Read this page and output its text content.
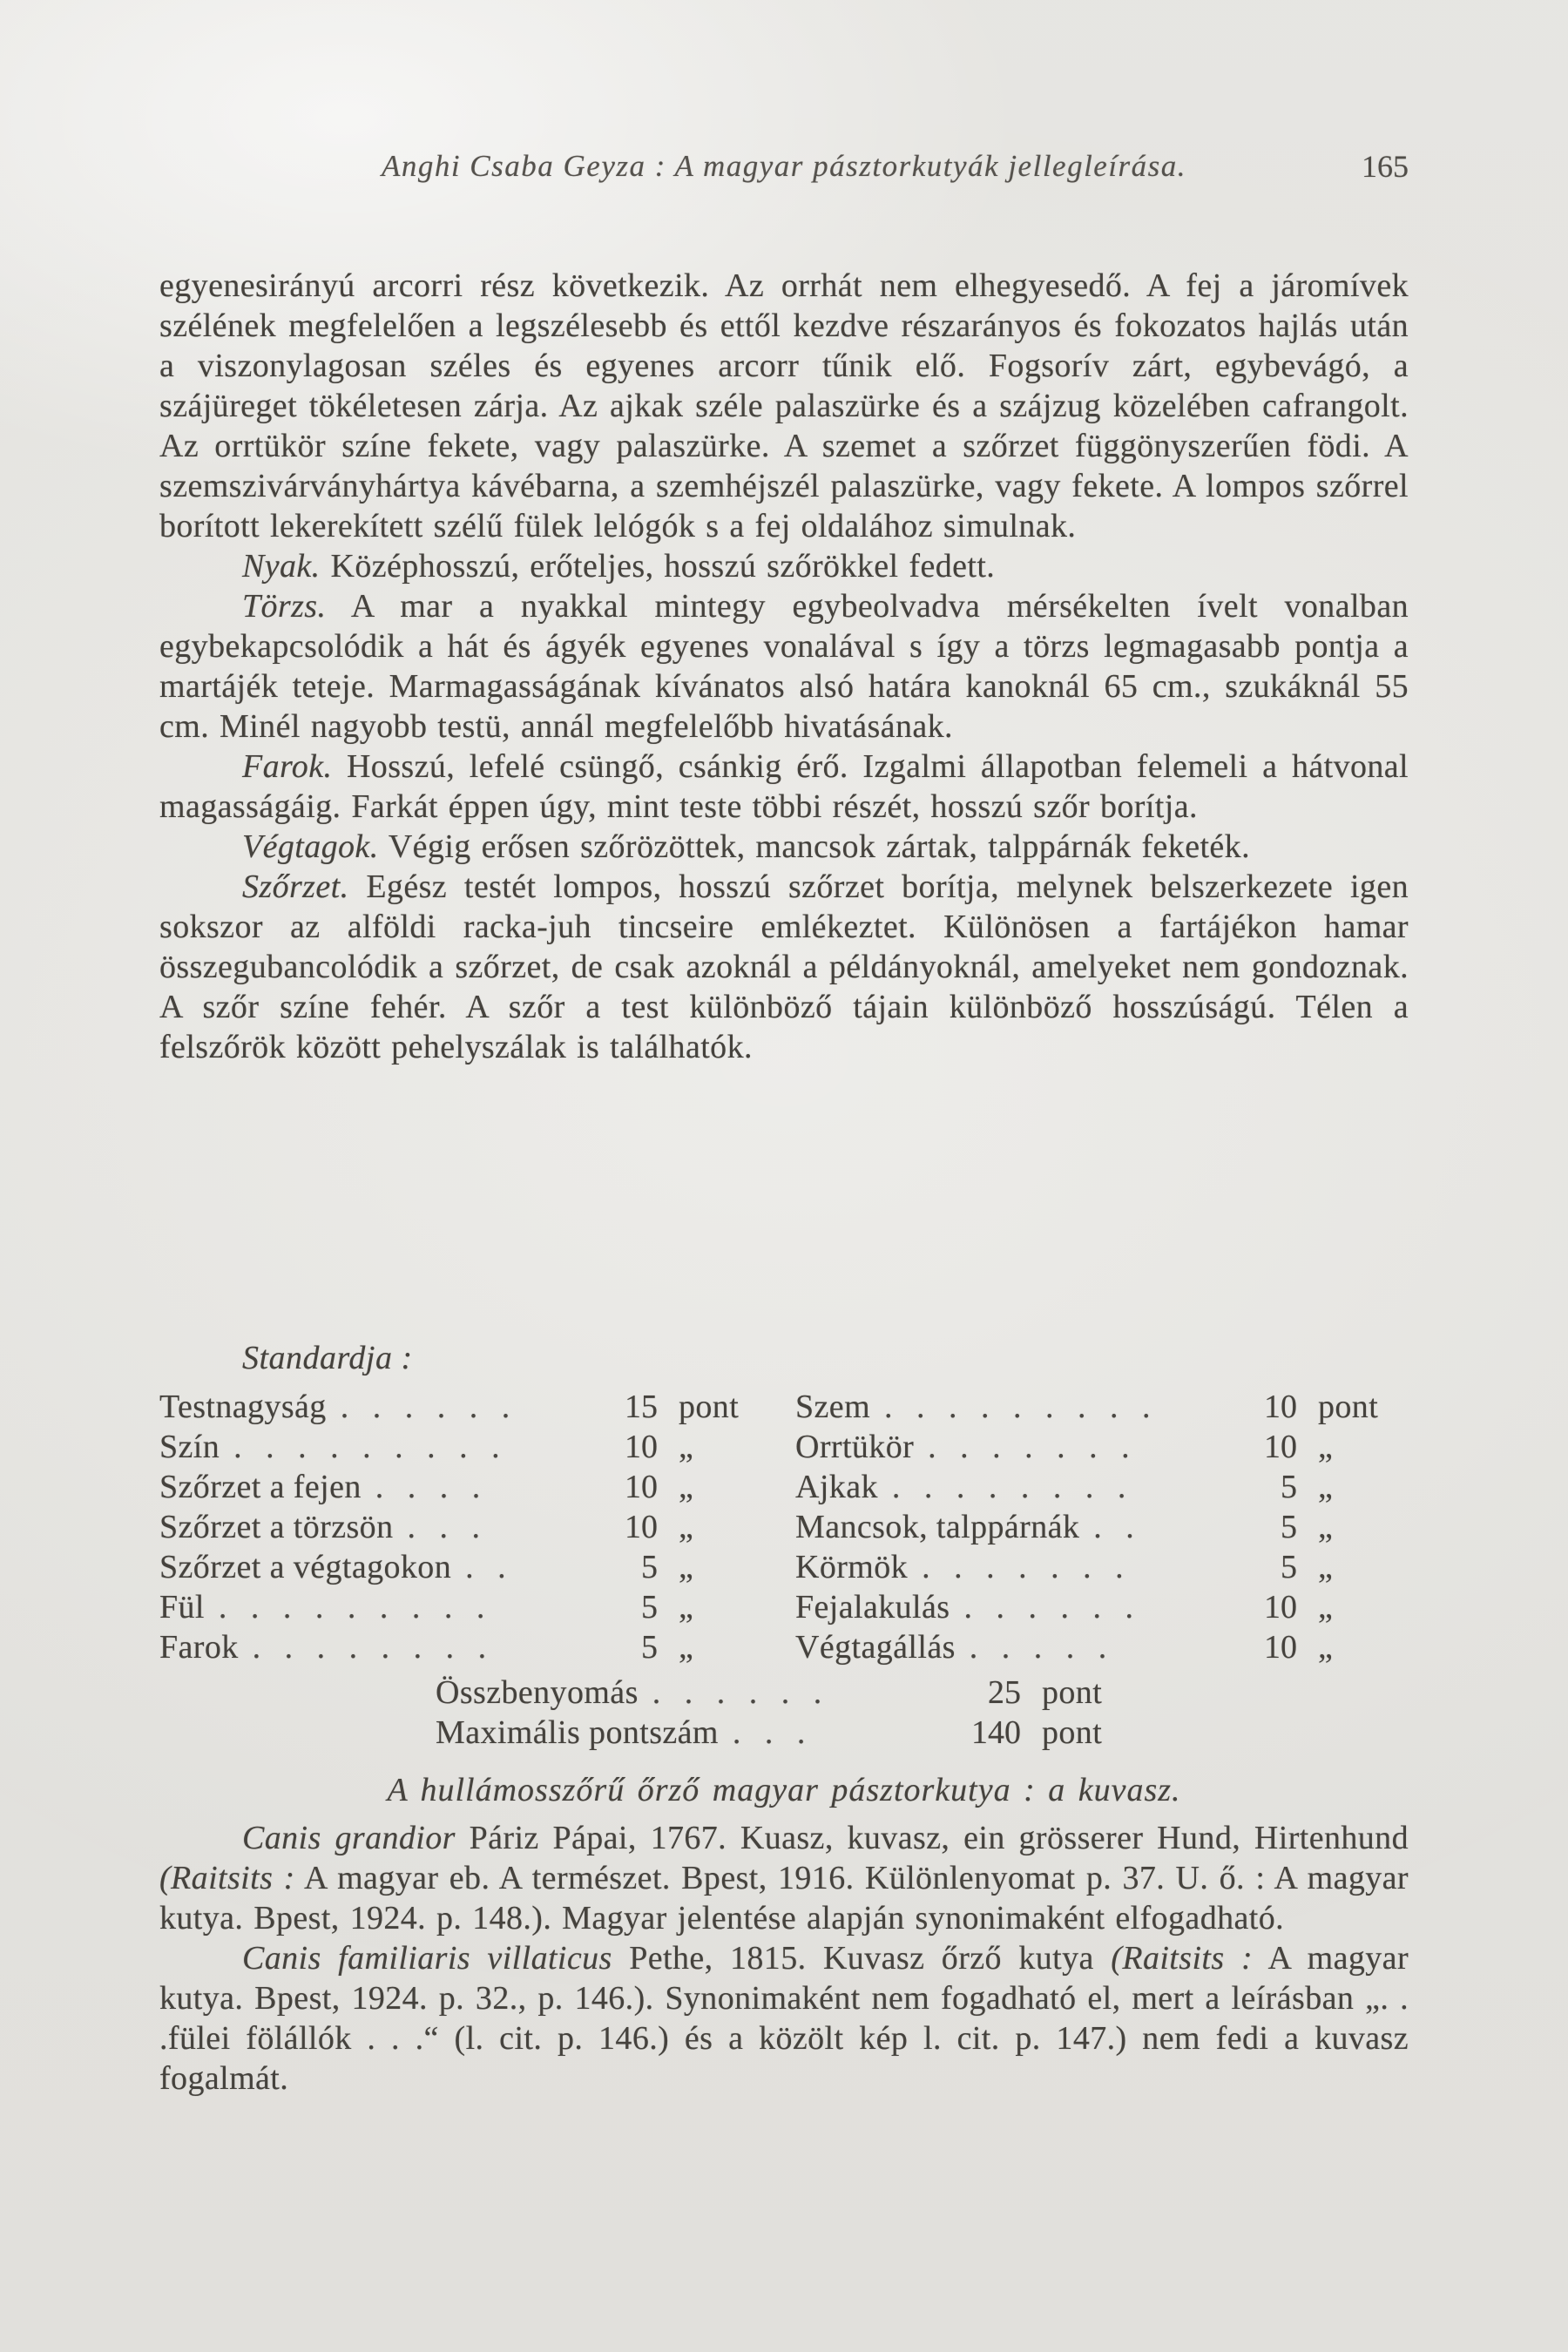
Anghi Csaba Geyza : A magyar pásztorkutyák jellegleírása.	165

egyenesirányú arcorri rész következik. Az orrhát nem elhegyesedő. A fej a járomívek szélének megfelelően a legszélesebb és ettől kezdve részarányos és fokozatos hajlás után a viszonylagosan széles és egyenes arcorr tűnik elő. Fogsorív zárt, egybevágó, a szájüreget tökéletesen zárja. Az ajkak széle palaszürke és a szájzug közelében cafrangolt. Az orrtükör színe fekete, vagy palaszürke. A szemet a szőrzet függönyszerűen födi. A szemszivárványhártya kávébarna, a szemhéjszél palaszürke, vagy fekete. A lompos szőrrel borított lekerekített szélű fülek lelógók s a fej oldalához simulnak.

Nyak. Középhosszú, erőteljes, hosszú szőrökkel fedett.

Törzs. A mar a nyakkal mintegy egybeolvadva mérsékelten ívelt vonalban egybekapcsolódik a hát és ágyék egyenes vonalával s így a törzs legmagasabb pontja a martájék teteje. Marmagasságának kívánatos alsó határa kanoknál 65 cm., szukáknál 55 cm. Minél nagyobb testü, annál megfelelőbb hivatásának.

Farok. Hosszú, lefelé csüngő, csánkig érő. Izgalmi állapotban felemeli a hátvonal magasságáig. Farkát éppen úgy, mint teste többi részét, hosszú szőr borítja.

Végtagok. Végig erősen szőrözöttek, mancsok zártak, talppárnák feketék.

Szőrzet. Egész testét lompos, hosszú szőrzet borítja, melynek belszerkezete igen sokszor az alföldi racka-juh tincseire emlékeztet. Különösen a fartájékon hamar összegubancolódik a szőrzet, de csak azoknál a példányoknál, amelyeket nem gondoznak. A szőr színe fehér. A szőr a test különböző tájain különböző hosszúságú. Télen a felszőrök között pehelyszálak is találhatók.

Standardja :
Testnagyság . . . . . .	15 pont	Szem . . . . . . . . .	10 pont
Szín . . . . . . . . .	10 „	Orrtükör . . . . . . .	10 „
Szőrzet a fejen . . . .	10 „	Ajkak . . . . . . . .	5 „
Szőrzet a törzsön . . .	10 „	Mancsok, talppárnák . .	5 „
Szőrzet a végtagokon . .	5 „	Körmök . . . . . . .	5 „
Fül . . . . . . . . .	5 „	Fejalakulás . . . . . .	10 „
Farok . . . . . . . .	5 „	Végtagállás . . . . .	10 „
Összbenyomás . . . . . .	25 pont
Maximális pontszám . . .	140 pont
A hullámosszőrű őrző magyar pásztorkutya : a kuvasz.

Canis grandior Páriz Pápai, 1767. Kuasz, kuvasz, ein grösserer Hund, Hirtenhund (Raitsits : A magyar eb. A természet. Bpest, 1916. Különlenyomat p. 37. U. ő. : A magyar kutya. Bpest, 1924. p. 148.). Magyar jelentése alapján synonimaként elfogadható.

Canis familiaris villaticus Pethe, 1815. Kuvasz őrző kutya (Raitsits : A magyar kutya. Bpest, 1924. p. 32., p. 146.). Synonimaként nem fogadható el, mert a leírásban „. . .fülei fölállók . . .“ (l. cit. p. 146.) és a közölt kép l. cit. p. 147.) nem fedi a kuvasz fogalmát.
